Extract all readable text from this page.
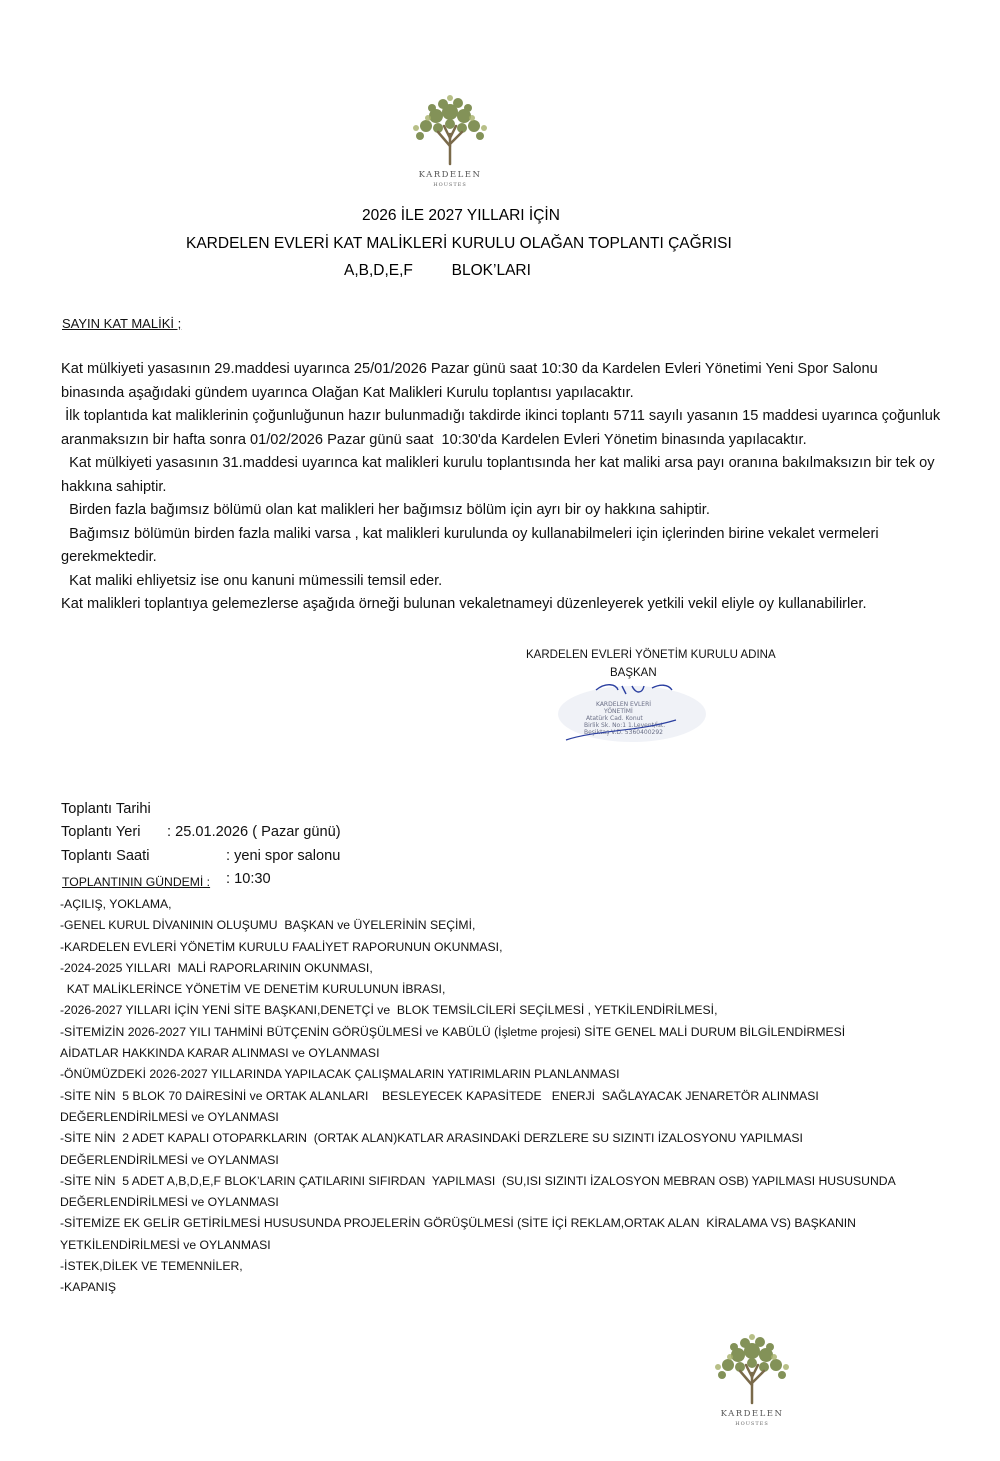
KARDELEN
HOUSTES
2026 İLE 2027 YILLARI İÇİN
KARDELEN EVLERİ KAT MALİKLERİ KURULU OLAĞAN TOPLANTI ÇAĞRISI
A,B,D,E,F         BLOK’LARI
SAYIN KAT MALİKİ ;
Kat mülkiyeti yasasının 29.maddesi uyarınca 25/01/2026 Pazar günü saat 10:30 da Kardelen Evleri Yönetimi Yeni Spor Salonu binasında aşağıdaki gündem uyarınca Olağan Kat Malikleri Kurulu toplantısı yapılacaktır.
İlk toplantıda kat maliklerinin çoğunluğunun hazır bulunmadığı takdirde ikinci toplantı 5711 sayılı yasanın 15 maddesi uyarınca çoğunluk aranmaksızın bir hafta sonra 01/02/2026 Pazar günü saat  10:30'da Kardelen Evleri Yönetim binasında yapılacaktır.
Kat mülkiyeti yasasının 31.maddesi uyarınca kat malikleri kurulu toplantısında her kat maliki arsa payı oranına bakılmaksızın bir tek oy hakkına sahiptir.
Birden fazla bağımsız bölümü olan kat malikleri her bağımsız bölüm için ayrı bir oy hakkına sahiptir.
Bağımsız bölümün birden fazla maliki varsa , kat malikleri kurulunda oy kullanabilmeleri için içlerinden birine vekalet vermeleri gerekmektedir.
Kat maliki ehliyetsiz ise onu kanuni mümessili temsil eder.
Kat malikleri toplantıya gelemezlerse aşağıda örneği bulunan vekaletnameyi düzenleyerek yetkili vekil eliyle oy kullanabilirler.
KARDELEN EVLERİ YÖNETİM KURULU ADINA
BAŞKAN
KARDELEN EVLERİ
YÖNETİMİ
Atatürk Cad. Konut
Birlik Sk. No:1 1.Levent/İst.
Beşiktaş V.D. 5360400292

Toplantı Tarihi

: 25.01.2026 ( Pazar günü)

Toplantı Yeri

: yeni spor salonu

Toplantı Saati

: 10:30

TOPLANTININ GÜNDEMİ :
-AÇILIŞ, YOKLAMA,
-GENEL KURUL DİVANININ OLUŞUMU  BAŞKAN ve ÜYELERİNİN SEÇİMİ,
-KARDELEN EVLERİ YÖNETİM KURULU FAALİYET RAPORUNUN OKUNMASI,
-2024-2025 YILLARI  MALİ RAPORLARININ OKUNMASI,
KAT MALİKLERİNCE YÖNETİM VE DENETİM KURULUNUN İBRASI,
-2026-2027 YILLARI İÇİN YENİ SİTE BAŞKANI,DENETÇİ ve  BLOK TEMSİLCİLERİ SEÇİLMESİ , YETKİLENDİRİLMESİ,
-SİTEMİZİN 2026-2027 YILI TAHMİNİ BÜTÇENİN GÖRÜŞÜLMESİ ve KABÜLÜ (İşletme projesi) SİTE GENEL MALİ DURUM BİLGİLENDİRMESİ
AİDATLAR HAKKINDA KARAR ALINMASI ve OYLANMASI
-ÖNÜMÜZDEKİ 2026-2027 YILLARINDA YAPILACAK ÇALIŞMALARIN YATIRIMLARIN PLANLANMASI
-SİTE NİN  5 BLOK 70 DAİRESİNİ ve ORTAK ALANLARI    BESLEYECEK KAPASİTEDE   ENERJİ  SAĞLAYACAK JENARETÖR ALINMASI
DEĞERLENDİRİLMESİ ve OYLANMASI
-SİTE NİN  2 ADET KAPALI OTOPARKLARIN  (ORTAK ALAN)KATLAR ARASINDAKİ DERZLERE SU SIZINTI İZALOSYONU YAPILMASI
DEĞERLENDİRİLMESİ ve OYLANMASI
-SİTE NİN  5 ADET A,B,D,E,F BLOK’LARIN ÇATILARINI SIFIRDAN  YAPILMASI  (SU,ISI SIZINTI İZALOSYON MEBRAN OSB) YAPILMASI HUSUSUNDA
DEĞERLENDİRİLMESİ ve OYLANMASI
-SİTEMİZE EK GELİR GETİRİLMESİ HUSUSUNDA PROJELERİN GÖRÜŞÜLMESİ (SİTE İÇİ REKLAM,ORTAK ALAN  KİRALAMA VS) BAŞKANIN
YETKİLENDİRİLMESİ ve OYLANMASI
-İSTEK,DİLEK VE TEMENNİLER,
-KAPANIŞ
KARDELEN
HOUSTES
